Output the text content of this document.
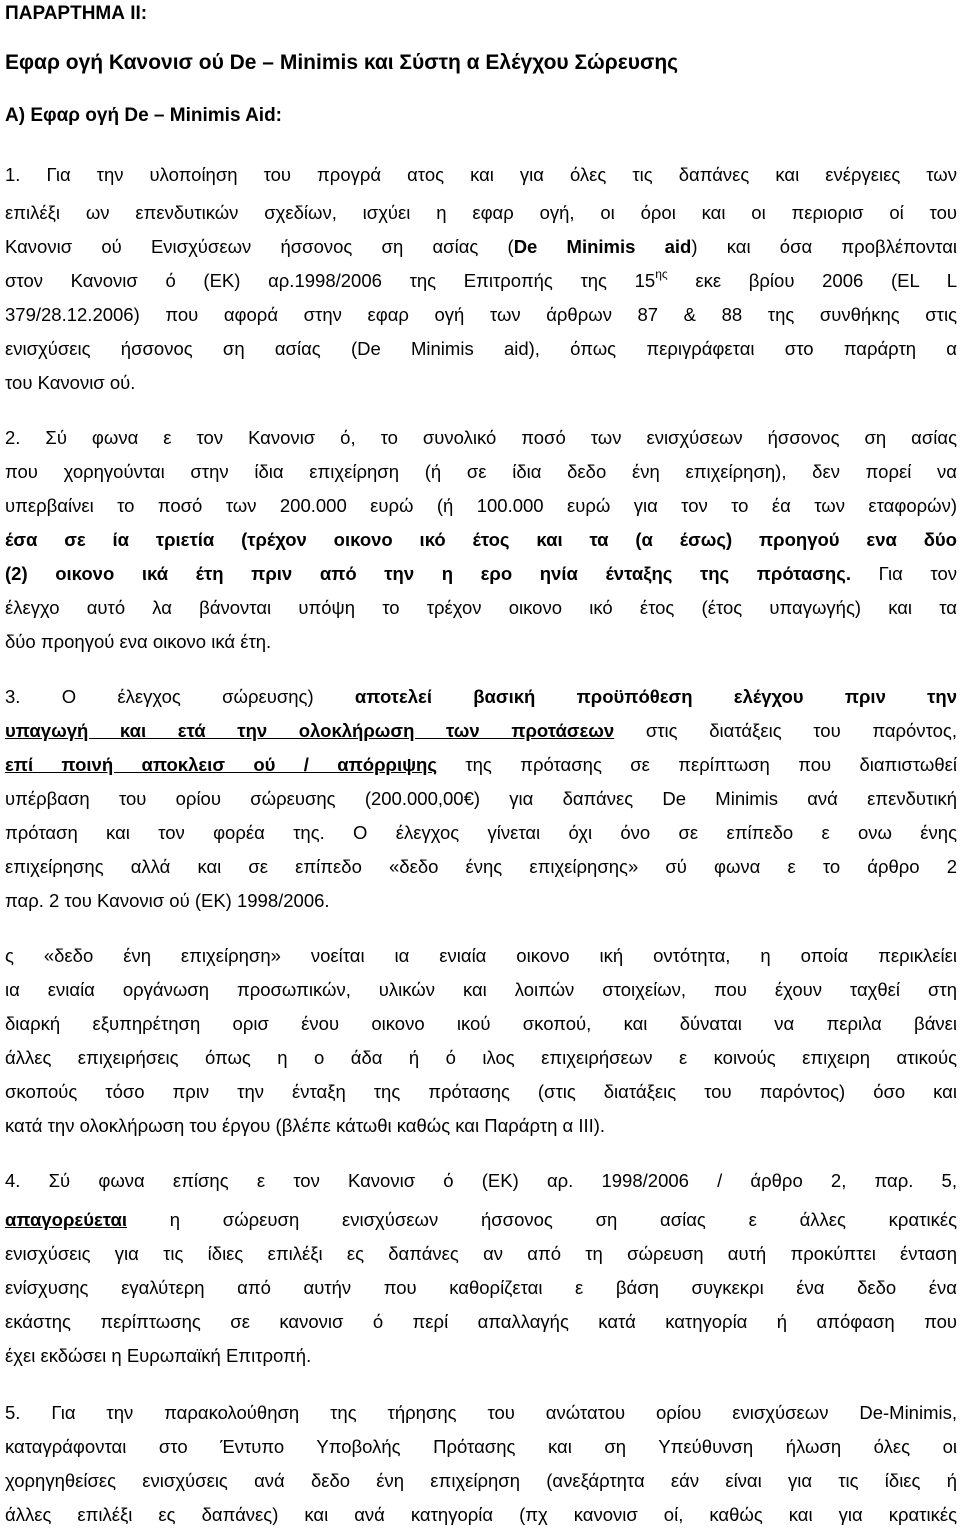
ΠΑΡΑΡΤΗΜΑ ΙΙ:
Εφαρ ογή Κανονισ ού De – Minimis και Σύστη α Ελέγχου Σώρευσης
Α) Εφαρ ογή De – Minimis Aid:
1. Για την υλοποίηση του προγρά ατος και για όλες τις δαπάνες και ενέργειες των
επιλέξι ων επενδυτικών σχεδίων, ισχύει η εφαρ ογή, οι όροι και οι περιορισ οί του
Κανονισ ού Ενισχύσεων ήσσονος ση ασίας (De Minimis aid) και όσα προβλέπονται
στον Κανονισ ό (ΕΚ) αρ.1998/2006 της Επιτροπής της $15^{\eta\varsigma}$ εκε βρίου 2006 (EL L
379/28.12.2006) που αφορά στην εφαρ ογή των άρθρων 87 & 88 της συνθήκης στις
ενισχύσεις ήσσονος ση ασίας (De Minimis aid), όπως περιγράφεται στο παράρτη α
του Κανονισ ού.
2. Σύ φωνα ε τον Κανονισ ό, το συνολικό ποσό των ενισχύσεων ήσσονος ση ασίας
που χορηγούνται στην ίδια επιχείρηση (ή σε ίδια δεδο ένη επιχείρηση), δεν πορεί να
υπερβαίνει το ποσό των 200.000 ευρώ (ή 100.000 ευρώ για τον το έα των εταφορών)
έσα σε ία τριετία (τρέχον οικονο ικό έτος και τα (α έσως) προηγού ενα δύο
(2) οικονο ικά έτη πριν από την η ερο ηνία ένταξης της πρότασης. Για τον
έλεγχο αυτό λα βάνονται υπόψη το τρέχον οικονο ικό έτος (έτος υπαγωγής) και τα
δύο προηγού ενα οικονο ικά έτη.
3. Ο έλεγχος σώρευσης) αποτελεί βασική προϋπόθεση ελέγχου πριν την
υπαγωγή και ετά την ολοκλήρωση των προτάσεων στις διατάξεις του παρόντος,
επί ποινή αποκλεισ ού / απόρριψης της πρότασης σε περίπτωση που διαπιστωθεί
υπέρβαση του ορίου σώρευσης (200.000,00€) για δαπάνες De Minimis ανά επενδυτική
πρόταση και τον φορέα της. Ο έλεγχος γίνεται όχι όνο σε επίπεδο ε ονω ένης
επιχείρησης αλλά και σε επίπεδο «δεδο ένης επιχείρησης» σύ φωνα ε το άρθρο 2
παρ. 2 του Κανονισ ού (ΕΚ) 1998/2006.
ς «δεδο ένη επιχείρηση» νοείται ια ενιαία οικονο ική οντότητα, η οποία περικλείει
ια ενιαία οργάνωση προσωπικών, υλικών και λοιπών στοιχείων, που έχουν ταχθεί στη
διαρκή εξυπηρέτηση ορισ ένου οικονο ικού σκοπού, και δύναται να περιλα βάνει
άλλες επιχειρήσεις όπως η ο άδα ή ό ιλος επιχειρήσεων ε κοινούς επιχειρη ατικούς
σκοπούς τόσο πριν την ένταξη της πρότασης (στις διατάξεις του παρόντος) όσο και
κατά την ολοκλήρωση του έργου (βλέπε κάτωθι καθώς και Παράρτη α ΙΙΙ).
4. Σύ φωνα επίσης ε τον Κανονισ ό (ΕΚ) αρ. 1998/2006 / άρθρο 2, παρ. 5,
απαγορεύεται η σώρευση ενισχύσεων ήσσονος ση ασίας ε άλλες κρατικές
ενισχύσεις για τις ίδιες επιλέξι ες δαπάνες αν από τη σώρευση αυτή προκύπτει ένταση
ενίσχυσης εγαλύτερη από αυτήν που καθορίζεται ε βάση συγκεκρι ένα δεδο ένα
εκάστης περίπτωσης σε κανονισ ό περί απαλλαγής κατά κατηγορία ή απόφαση που
έχει εκδώσει η Ευρωπαϊκή Επιτροπή.
5. Για την παρακολούθηση της τήρησης του ανώτατου ορίου ενισχύσεων De-Minimis,
καταγράφονται στο Έντυπο Υποβολής Πρότασης και ση Υπεύθυνση ήλωση όλες οι
χορηγηθείσες ενισχύσεις ανά δεδο ένη επιχείρηση (ανεξάρτητα εάν είναι για τις ίδιες ή
άλλες επιλέξι ες δαπάνες) και ανά κατηγορία (πχ κανονισ οί, καθώς και για κρατικές
